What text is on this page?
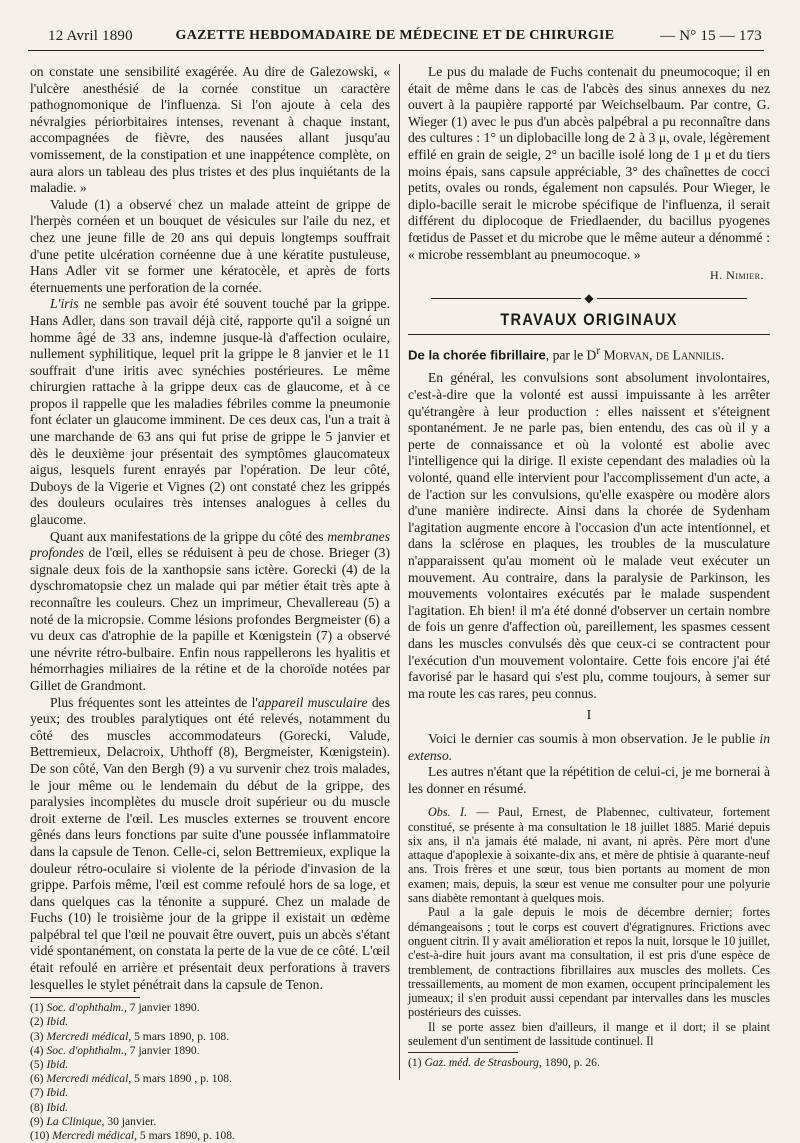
12 Avril 1890	GAZETTE HEBDOMADAIRE DE MÉDECINE ET DE CHIRURGIE	— N° 15 — 173

on constate une sensibilité exagérée. Au dire de Galezowski, « l'ulcère anesthésié de la cornée constitue un caractère pathognomonique de l'influenza. Si l'on ajoute à cela des névralgies périorbitaires intenses, revenant à chaque instant, accompagnées de fièvre, des nausées allant jusqu'au vomissement, de la constipation et une inappétence complète, on aura alors un tableau des plus tristes et des plus inquiétants de la maladie. »

Valude (1) a observé chez un malade atteint de grippe de l'herpès cornéen et un bouquet de vésicules sur l'aile du nez, et chez une jeune fille de 20 ans qui depuis longtemps souffrait d'une petite ulcération cornéenne due à une kératite pustuleuse, Hans Adler vit se former une kératocèle, et après de forts éternuements une perforation de la cornée.

L'iris ne semble pas avoir été souvent touché par la grippe. Hans Adler, dans son travail déjà cité, rapporte qu'il a soigné un homme âgé de 33 ans, indemne jusque-là d'affection oculaire, nullement syphilitique, lequel prit la grippe le 8 janvier et le 11 souffrait d'une iritis avec synéchies postérieures. Le même chirurgien rattache à la grippe deux cas de glaucome, et à ce propos il rappelle que les maladies fébriles comme la pneumonie font éclater un glaucome imminent. De ces deux cas, l'un a trait à une marchande de 63 ans qui fut prise de grippe le 5 janvier et dès le deuxième jour présentait des symptômes glaucomateux aigus, lesquels furent enrayés par l'opération. De leur côté, Duboys de la Vigerie et Vignes (2) ont constaté chez les grippés des douleurs oculaires très intenses analogues à celles du glaucome.

Quant aux manifestations de la grippe du côté des membranes profondes de l'œil, elles se réduisent à peu de chose. Brieger (3) signale deux fois de la xanthopsie sans ictère. Gorecki (4) de la dyschromatopsie chez un malade qui par métier était très apte à reconnaître les couleurs. Chez un imprimeur, Chevallereau (5) a noté de la micropsie. Comme lésions profondes Bergmeister (6) a vu deux cas d'atrophie de la papille et Kœnigstein (7) a observé une névrite rétro-bulbaire. Enfin nous rappellerons les hyalitis et hémorrhagies miliaires de la rétine et de la choroïde notées par Gillet de Grandmont.

Plus fréquentes sont les atteintes de l'appareil musculaire des yeux; des troubles paralytiques ont été relevés, notamment du côté des muscles accommodateurs (Gorecki, Valude, Bettremieux, Delacroix, Uhthoff (8), Bergmeister, Kœnigstein). De son côté, Van den Bergh (9) a vu survenir chez trois malades, le jour même ou le lendemain du début de la grippe, des paralysies incomplètes du muscle droit supérieur ou du muscle droit externe de l'œil. Les muscles externes se trouvent encore gênés dans leurs fonctions par suite d'une poussée inflammatoire dans la capsule de Tenon. Celle-ci, selon Bettremieux, explique la douleur rétro-oculaire si violente de la période d'invasion de la grippe. Parfois même, l'œil est comme refoulé hors de sa loge, et dans quelques cas la ténonite a suppuré. Chez un malade de Fuchs (10) le troisième jour de la grippe il existait un œdème palpébral tel que l'œil ne pouvait être ouvert, puis un abcès s'étant vidé spontanément, on constata la perte de la vue de ce côté. L'œil était refoulé en arrière et présentait deux perforations à travers lesquelles le stylet pénétrait dans la capsule de Tenon.

(1) Soc. d'ophthalm., 7 janvier 1890.

(2) Ibid.

(3) Mercredi médical, 5 mars 1890, p. 108.

(4) Soc. d'ophthalm., 7 janvier 1890.

(5) Ibid.

(6) Mercredi médical, 5 mars 1890 , p. 108.

(7) Ibid.

(8) Ibid.

(9) La Clinique, 30 janvier.

(10) Mercredi médical, 5 mars 1890, p. 108.

Le pus du malade de Fuchs contenait du pneumocoque; il en était de même dans le cas de l'abcès des sinus annexes du nez ouvert à la paupière rapporté par Weichselbaum. Par contre, G. Wieger (1) avec le pus d'un abcès palpébral a pu reconnaître dans des cultures : 1° un diplobacille long de 2 à 3 μ, ovale, légèrement effilé en grain de seigle, 2° un bacille isolé long de 1 μ et du tiers moins épais, sans capsule appréciable, 3° des chaînettes de cocci petits, ovales ou ronds, également non capsulés. Pour Wieger, le diplo-bacille serait le microbe spécifique de l'influenza, il serait différent du diplocoque de Friedlaender, du bacillus pyogenes fœtidus de Passet et du microbe que le même auteur a dénommé : « microbe ressemblant au pneumocoque. »

H. Nimier.

◆
TRAVAUX ORIGINAUX

De la chorée fibrillaire, par le $D^r$ Morvan, de Lannilis.

En général, les convulsions sont absolument involontaires, c'est-à-dire que la volonté est aussi impuissante à les arrêter qu'étrangère à leur production : elles naissent et s'éteignent spontanément. Je ne parle pas, bien entendu, des cas où il y a perte de connaissance et où la volonté est abolie avec l'intelligence qui la dirige. Il existe cependant des maladies où la volonté, quand elle intervient pour l'accomplissement d'un acte, a de l'action sur les convulsions, qu'elle exaspère ou modère alors d'une manière indirecte. Ainsi dans la chorée de Sydenham l'agitation augmente encore à l'occasion d'un acte intentionnel, et dans la sclérose en plaques, les troubles de la musculature n'apparaissent qu'au moment où le malade veut exécuter un mouvement. Au contraire, dans la paralysie de Parkinson, les mouvements volontaires exécutés par le malade suspendent l'agitation. Eh bien! il m'a été donné d'observer un certain nombre de fois un genre d'affection où, pareillement, les spasmes cessent dans les muscles convulsés dès que ceux-ci se contractent pour l'exécution d'un mouvement volontaire. Cette fois encore j'ai été favorisé par le hasard qui s'est plu, comme toujours, à semer sur ma route les cas rares, peu connus.

I

Voici le dernier cas soumis à mon observation. Je le publie in extenso.

Les autres n'étant que la répétition de celui-ci, je me bornerai à les donner en résumé.

Obs. I. — Paul, Ernest, de Plabennec, cultivateur, fortement constitué, se présente à ma consultation le 18 juillet 1885. Marié depuis six ans, il n'a jamais été malade, ni avant, ni après. Père mort d'une attaque d'apoplexie à soixante-dix ans, et mère de phtisie à quarante-neuf ans. Trois frères et une sœur, tous bien portants au moment de mon examen; mais, depuis, la sœur est venue me consulter pour une polyurie sans diabète remontant à quelques mois.

Paul a la gale depuis le mois de décembre dernier; fortes démangeaisons ; tout le corps est couvert d'égratignures. Frictions avec onguent citrin. Il y avait amélioration et repos la nuit, lorsque le 10 juillet, c'est-à-dire huit jours avant ma consultation, il est pris d'une espèce de tremblement, de contractions fibrillaires aux muscles des mollets. Ces tressaillements, au moment de mon examen, occupent principalement les jumeaux; il s'en produit aussi cependant par intervalles dans les muscles postérieurs des cuisses.

Il se porte assez bien d'ailleurs, il mange et il dort; il se plaint seulement d'un sentiment de lassitude continuel. Il

(1) Gaz. méd. de Strasbourg, 1890, p. 26.
